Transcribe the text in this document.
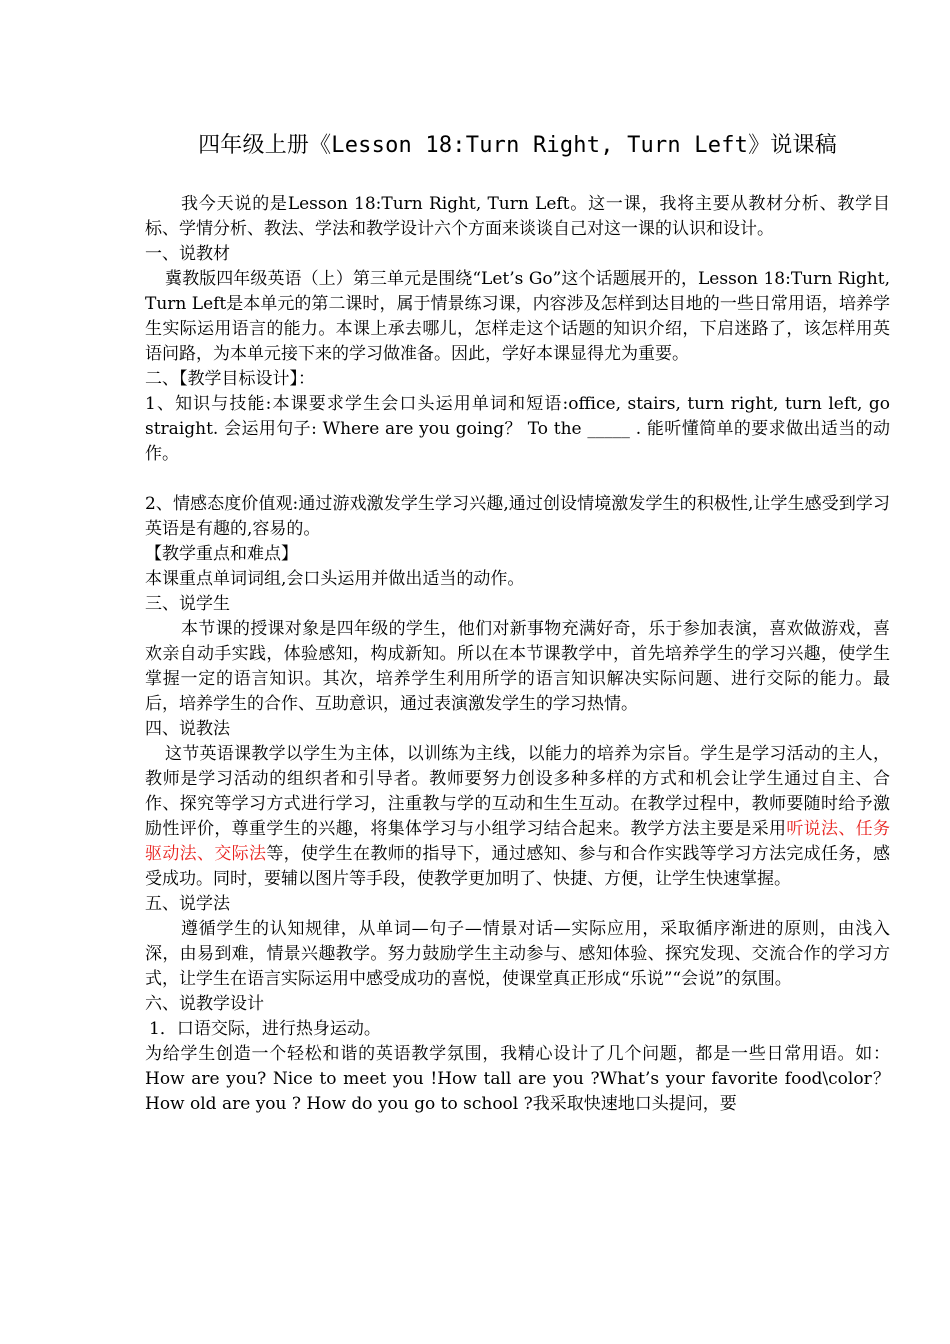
四年级上册《Lesson 18:Turn Right, Turn Left》说课稿

我今天说的是Lesson 18:Turn Right, Turn Left。这一课，我将主要从教材分析、教学目标、学情分析、教法、学法和教学设计六个方面来谈谈自己对这一课的认识和设计。

一、说教材

冀教版四年级英语（上）第三单元是围绕“Let’s Go”这个话题展开的，Lesson 18:Turn Right, Turn Left是本单元的第二课时，属于情景练习课，内容涉及怎样到达目地的一些日常用语，培养学生实际运用语言的能力。本课上承去哪儿，怎样走这个话题的知识介绍，下启迷路了，该怎样用英语问路，为本单元接下来的学习做准备。因此，学好本课显得尤为重要。

二、【教学目标设计】：

1、知识与技能:本课要求学生会口头运用单词和短语:office, stairs, turn right, turn left, go straight. 会运用句子: Where are you going？ To the _____ . 能听懂简单的要求做出适当的动作。

2、情感态度价值观:通过游戏激发学生学习兴趣,通过创设情境激发学生的积极性,让学生感受到学习英语是有趣的,容易的。

【教学重点和难点】

本课重点单词词组,会口头运用并做出适当的动作。

三、说学生

本节课的授课对象是四年级的学生，他们对新事物充满好奇，乐于参加表演，喜欢做游戏，喜欢亲自动手实践，体验感知，构成新知。所以在本节课教学中，首先培养学生的学习兴趣，使学生掌握一定的语言知识。其次，培养学生利用所学的语言知识解决实际问题、进行交际的能力。最后，培养学生的合作、互助意识，通过表演激发学生的学习热情。

四、说教法

这节英语课教学以学生为主体，以训练为主线，以能力的培养为宗旨。学生是学习活动的主人，教师是学习活动的组织者和引导者。教师要努力创设多种多样的方式和机会让学生通过自主、合作、探究等学习方式进行学习，注重教与学的互动和生生互动。在教学过程中，教师要随时给予激励性评价，尊重学生的兴趣，将集体学习与小组学习结合起来。教学方法主要是采用听说法、任务驱动法、交际法等，使学生在教师的指导下，通过感知、参与和合作实践等学习方法完成任务，感受成功。同时，要辅以图片等手段，使教学更加明了、快捷、方便，让学生快速掌握。

五、说学法

遵循学生的认知规律，从单词—句子—情景对话—实际应用，采取循序渐进的原则，由浅入深，由易到难，情景兴趣教学。努力鼓励学生主动参与、感知体验、探究发现、交流合作的学习方式，让学生在语言实际运用中感受成功的喜悦，使课堂真正形成“乐说”“会说”的氛围。

六、说教学设计

1．口语交际，进行热身运动。

为给学生创造一个轻松和谐的英语教学氛围，我精心设计了几个问题，都是一些日常用语。如：How are you? Nice to meet you !How tall are you ?What’s your favorite food\color？ How old are you ? How do you go to school ?我采取快速地口头提问，要
